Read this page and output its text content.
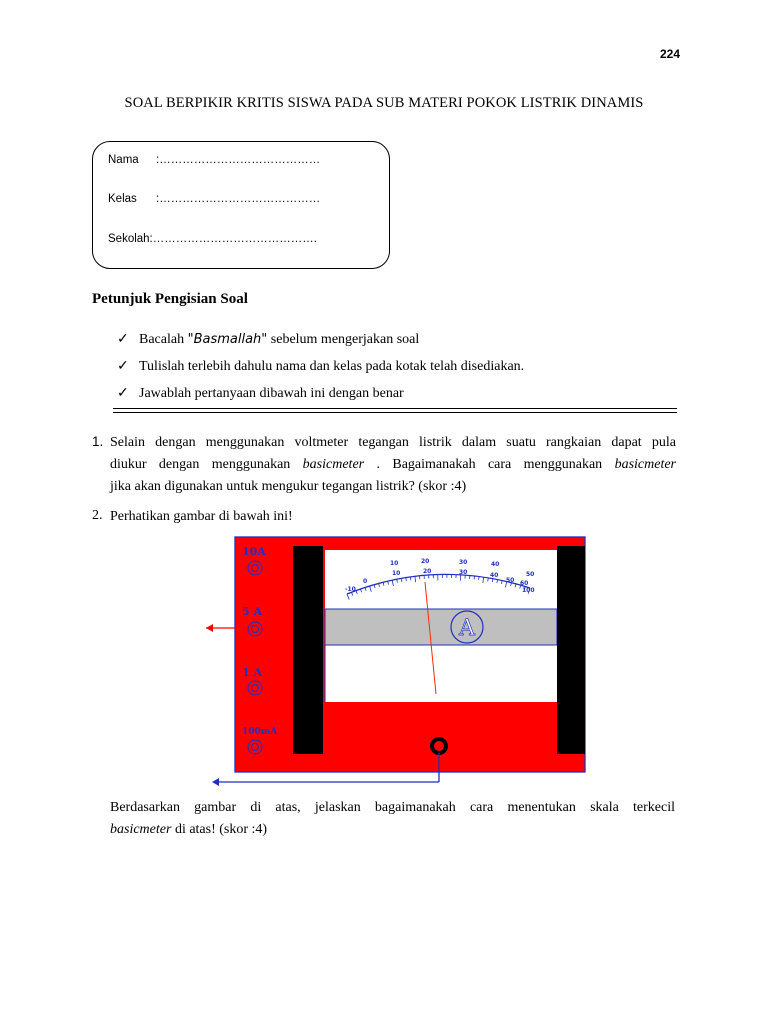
224
SOAL BERPIKIR KRITIS SISWA PADA SUB MATERI POKOK LISTRIK DINAMIS
Nama :……………………………………
Kelas :……………………………………
Sekolah:…………………………………….
Petunjuk Pengisian Soal
✓ Bacalah "Basmallah" sebelum mengerjakan soal
✓ Tulislah terlebih dahulu nama dan kelas pada kotak telah disediakan.
✓ Jawablah pertanyaan dibawah ini dengan benar
1. Selain dengan menggunakan voltmeter tegangan listrik dalam suatu rangkaian dapat pula
diukur dengan menggunakan basicmeter . Bagaimanakah cara menggunakan basicmeter
jika akan digunakan untuk mengukur tegangan listrik? (skor :4)
2. Perhatikan gambar di bawah ini!
10	20	30	40
50
-10
0
10	20	30	40
50 60
100
A
10A
5 A
1 A
100mA
Berdasarkan gambar di atas, jelaskan bagaimanakah cara menentukan skala terkecil
basicmeter di atas! (skor :4)
